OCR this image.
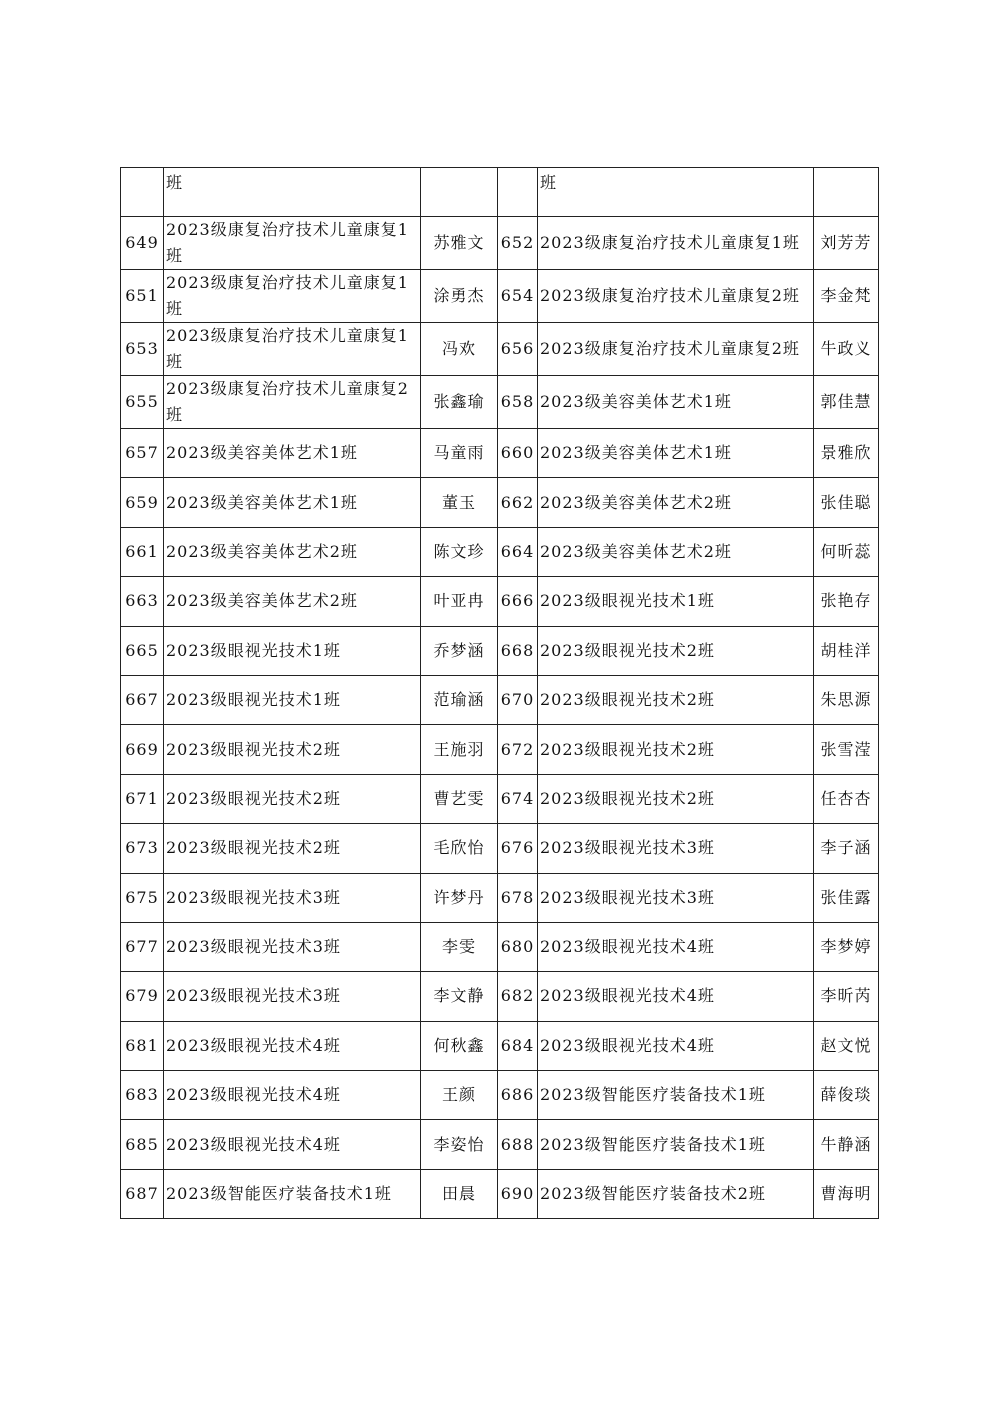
	班			班	
649	2023级康复治疗技术儿童康复1班	苏雅文	652	2023级康复治疗技术儿童康复1班	刘芳芳
651	2023级康复治疗技术儿童康复1班	涂勇杰	654	2023级康复治疗技术儿童康复2班	李金梵
653	2023级康复治疗技术儿童康复1班	冯欢	656	2023级康复治疗技术儿童康复2班	牛政义
655	2023级康复治疗技术儿童康复2班	张鑫瑜	658	2023级美容美体艺术1班	郭佳慧
657	2023级美容美体艺术1班	马童雨	660	2023级美容美体艺术1班	景雅欣
659	2023级美容美体艺术1班	董玉	662	2023级美容美体艺术2班	张佳聪
661	2023级美容美体艺术2班	陈文珍	664	2023级美容美体艺术2班	何昕蕊
663	2023级美容美体艺术2班	叶亚冉	666	2023级眼视光技术1班	张艳存
665	2023级眼视光技术1班	乔梦涵	668	2023级眼视光技术2班	胡桂洋
667	2023级眼视光技术1班	范瑜涵	670	2023级眼视光技术2班	朱思源
669	2023级眼视光技术2班	王施羽	672	2023级眼视光技术2班	张雪滢
671	2023级眼视光技术2班	曹艺雯	674	2023级眼视光技术2班	任杏杏
673	2023级眼视光技术2班	毛欣怡	676	2023级眼视光技术3班	李子涵
675	2023级眼视光技术3班	许梦丹	678	2023级眼视光技术3班	张佳露
677	2023级眼视光技术3班	李雯	680	2023级眼视光技术4班	李梦婷
679	2023级眼视光技术3班	李文静	682	2023级眼视光技术4班	李昕芮
681	2023级眼视光技术4班	何秋鑫	684	2023级眼视光技术4班	赵文悦
683	2023级眼视光技术4班	王颜	686	2023级智能医疗装备技术1班	薛俊琰
685	2023级眼视光技术4班	李姿怡	688	2023级智能医疗装备技术1班	牛静涵
687	2023级智能医疗装备技术1班	田晨	690	2023级智能医疗装备技术2班	曹海明
